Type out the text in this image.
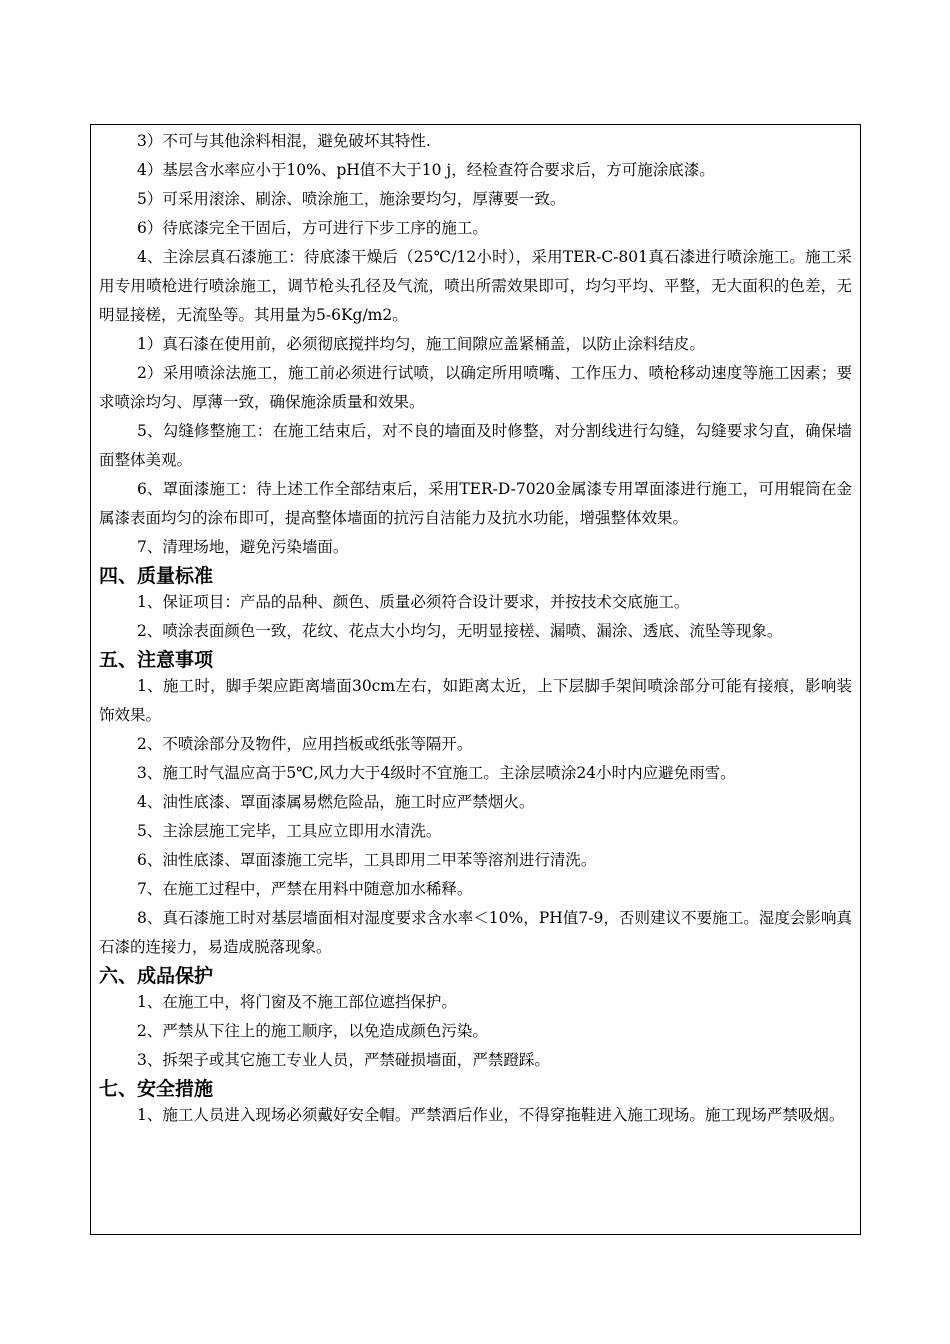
3）不可与其他涂料相混，避免破坏其特性.

4）基层含水率应小于10%、pH值不大于10 j，经检查符合要求后，方可施涂底漆。

5）可采用滚涂、刷涂、喷涂施工，施涂要均匀，厚薄要一致。

6）待底漆完全干固后，方可进行下步工序的施工。

4、主涂层真石漆施工：待底漆干燥后（25℃/12小时），采用TER-C-801真石漆进行喷涂施工。施工采用专用喷枪进行喷涂施工，调节枪头孔径及气流，喷出所需效果即可，均匀平均、平整，无大面积的色差，无明显接槎，无流坠等。其用量为5-6Kg/m2。

1）真石漆在使用前，必须彻底搅拌均匀，施工间隙应盖紧桶盖，以防止涂料结皮。

2）采用喷涂法施工，施工前必须进行试喷，以确定所用喷嘴、工作压力、喷枪移动速度等施工因素；要求喷涂均匀、厚薄一致，确保施涂质量和效果。

5、勾缝修整施工：在施工结束后，对不良的墙面及时修整，对分割线进行勾缝，勾缝要求匀直，确保墙面整体美观。

6、罩面漆施工：待上述工作全部结束后，采用TER-D-7020金属漆专用罩面漆进行施工，可用辊筒在金属漆表面均匀的涂布即可，提高整体墙面的抗污自洁能力及抗水功能，增强整体效果。

7、清理场地，避免污染墙面。

四、质量标准

1、保证项目：产品的品种、颜色、质量必须符合设计要求，并按技术交底施工。

2、喷涂表面颜色一致，花纹、花点大小均匀，无明显接槎、漏喷、漏涂、透底、流坠等现象。

五、注意事项

1、施工时，脚手架应距离墙面30cm左右，如距离太近，上下层脚手架间喷涂部分可能有接痕，影响装饰效果。

2、不喷涂部分及物件，应用挡板或纸张等隔开。

3、施工时气温应高于5℃,风力大于4级时不宜施工。主涂层喷涂24小时内应避免雨雪。

4、油性底漆、罩面漆属易燃危险品，施工时应严禁烟火。

5、主涂层施工完毕，工具应立即用水清洗。

6、油性底漆、罩面漆施工完毕，工具即用二甲苯等溶剂进行清洗。

7、在施工过程中，严禁在用料中随意加水稀释。

8、真石漆施工时对基层墙面相对湿度要求含水率＜10%，PH值7-9，否则建议不要施工。湿度会影响真石漆的连接力，易造成脱落现象。

六、成品保护

1、在施工中，将门窗及不施工部位遮挡保护。

2、严禁从下往上的施工顺序，以免造成颜色污染。

3、拆架子或其它施工专业人员，严禁碰损墙面，严禁蹬踩。

七、安全措施

1、施工人员进入现场必须戴好安全帽。严禁酒后作业，不得穿拖鞋进入施工现场。施工现场严禁吸烟。
